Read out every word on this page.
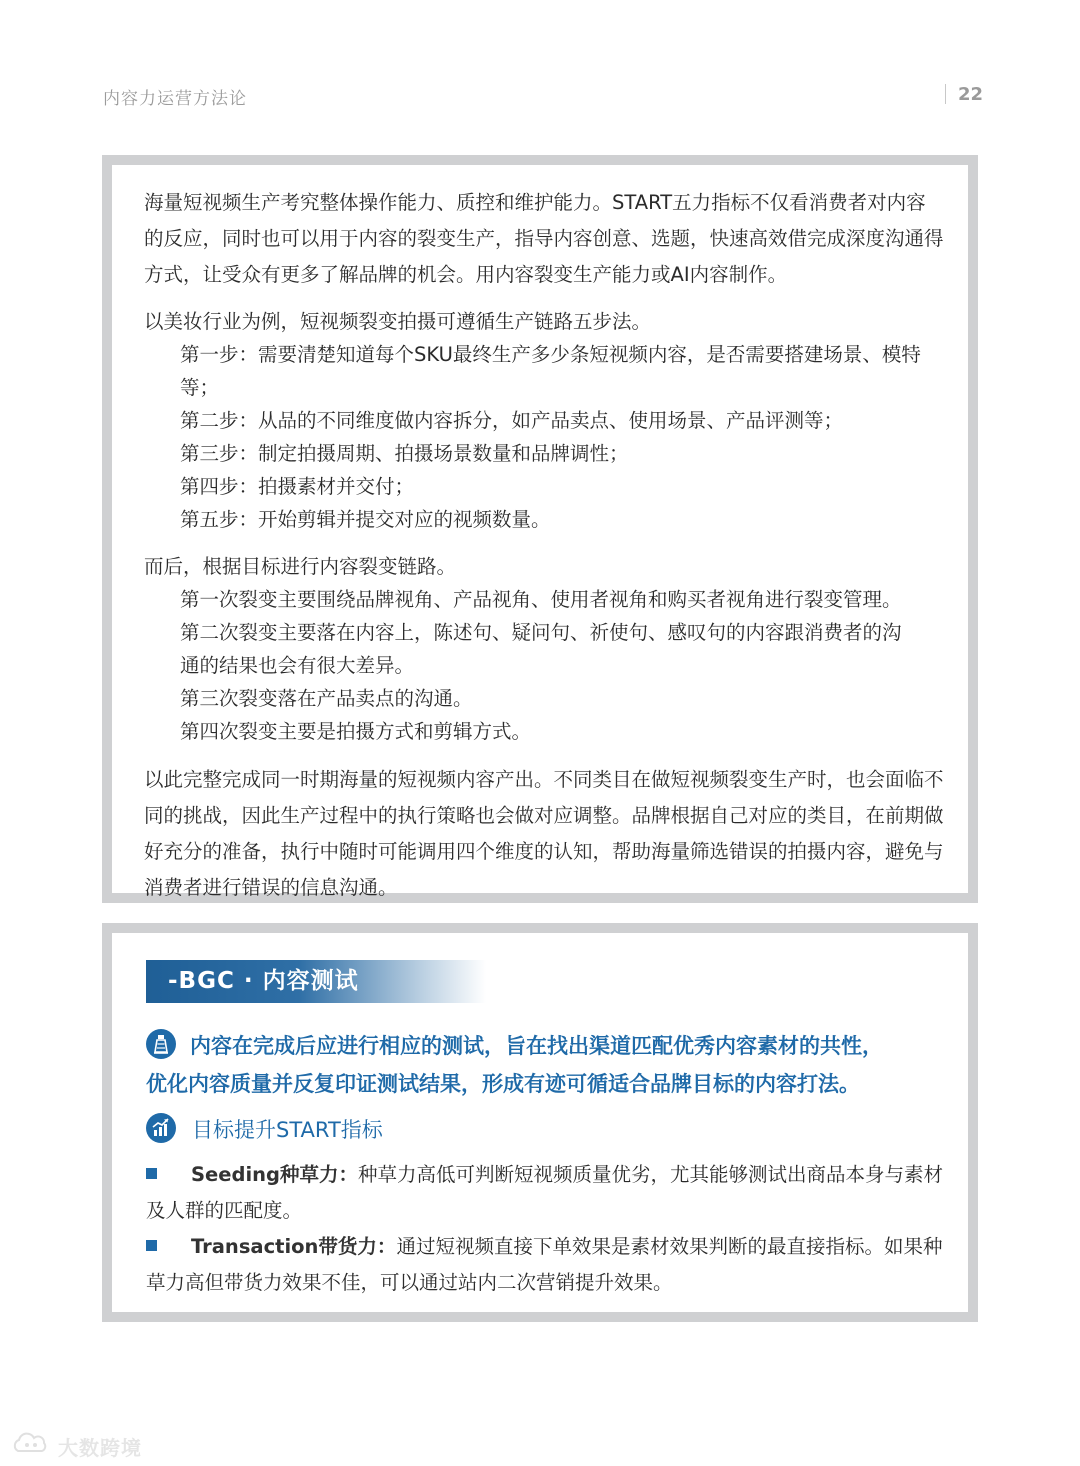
内容力运营方法论	22

海量短视频生产考究整体操作能力、质控和维护能力。START五力指标不仅看消费者对内容的反应，同时也可以用于内容的裂变生产，指导内容创意、选题，快速高效借完成深度沟通得方式，让受众有更多了解品牌的机会。用内容裂变生产能力或AI内容制作。

以美妆行业为例，短视频裂变拍摄可遵循生产链路五步法。
第一步：需要清楚知道每个SKU最终生产多少条短视频内容，是否需要搭建场景、模特等；
第二步：从品的不同维度做内容拆分，如产品卖点、使用场景、产品评测等；
第三步：制定拍摄周期、拍摄场景数量和品牌调性；
第四步：拍摄素材并交付；
第五步：开始剪辑并提交对应的视频数量。
而后，根据目标进行内容裂变链路。
第一次裂变主要围绕品牌视角、产品视角、使用者视角和购买者视角进行裂变管理。
第二次裂变主要落在内容上，陈述句、疑问句、祈使句、感叹句的内容跟消费者的沟
通的结果也会有很大差异。
第三次裂变落在产品卖点的沟通。
第四次裂变主要是拍摄方式和剪辑方式。

以此完整完成同一时期海量的短视频内容产出。不同类目在做短视频裂变生产时，也会面临不同的挑战，因此生产过程中的执行策略也会做对应调整。品牌根据自己对应的类目，在前期做好充分的准备，执行中随时可能调用四个维度的认知，帮助海量筛选错误的拍摄内容，避免与消费者进行错误的信息沟通。

-BGC · 内容测试
内容在完成后应进行相应的测试，旨在找出渠道匹配优秀内容素材的共性，
优化内容质量并反复印证测试结果，形成有迹可循适合品牌目标的内容打法。
目标提升START指标
Seeding种草力：种草力高低可判断短视频质量优劣，尤其能够测试出商品本身与素材及人群的匹配度。
Transaction带货力：通过短视频直接下单效果是素材效果判断的最直接指标。如果种草力高但带货力效果不佳，可以通过站内二次营销提升效果。
大数跨境
